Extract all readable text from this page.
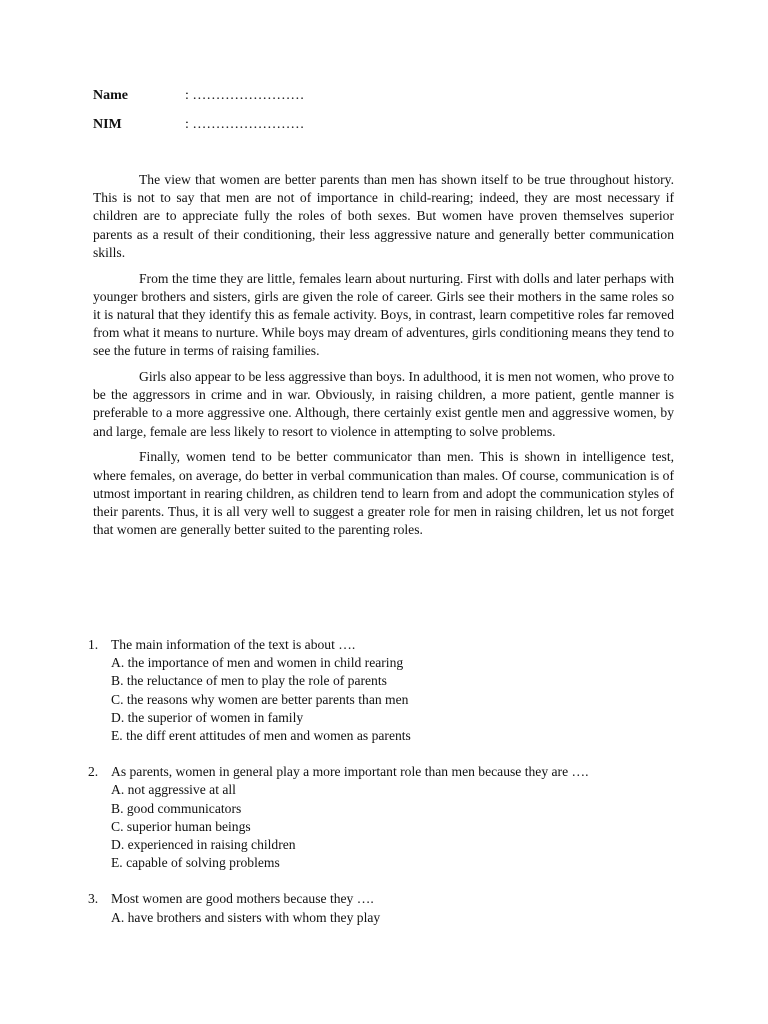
Name	: ……………………
NIM	: ……………………

The view that women are better parents than men has shown itself to be true throughout history. This is not to say that men are not of importance in child-rearing; indeed, they are most necessary if children are to appreciate fully the roles of both sexes. But women have proven themselves superior parents as a result of their conditioning, their less aggressive nature and generally better communication skills.

From the time they are little, females learn about nurturing. First with dolls and later perhaps with younger brothers and sisters, girls are given the role of career. Girls see their mothers in the same roles so it is natural that they identify this as female activity. Boys, in contrast, learn competitive roles far removed from what it means to nurture. While boys may dream of adventures, girls conditioning means they tend to see the future in terms of raising families.

Girls also appear to be less aggressive than boys. In adulthood, it is men not women, who prove to be the aggressors in crime and in war. Obviously, in raising children, a more patient, gentle manner is preferable to a more aggressive one. Although, there certainly exist gentle men and aggressive women, by and large, female are less likely to resort to violence in attempting to solve problems.

Finally, women tend to be better communicator than men. This is shown in intelligence test, where females, on average, do better in verbal communication than males. Of course, communication is of utmost important in rearing children, as children tend to learn from and adopt the communication styles of their parents. Thus, it is all very well to suggest a greater role for men in raising children, let us not forget that women are generally better suited to the parenting roles.

1. The main information of the text is about ….
A. the importance of men and women in child rearing
B. the reluctance of men to play the role of parents
C. the reasons why women are better parents than men
D. the superior of women in family
E. the diff erent attitudes of men and women as parents
2. As parents, women in general play a more important role than men because they are ….
A. not aggressive at all
B. good communicators
C. superior human beings
D. experienced in raising children
E. capable of solving problems
3. Most women are good mothers because they ….
A. have brothers and sisters with whom they play
